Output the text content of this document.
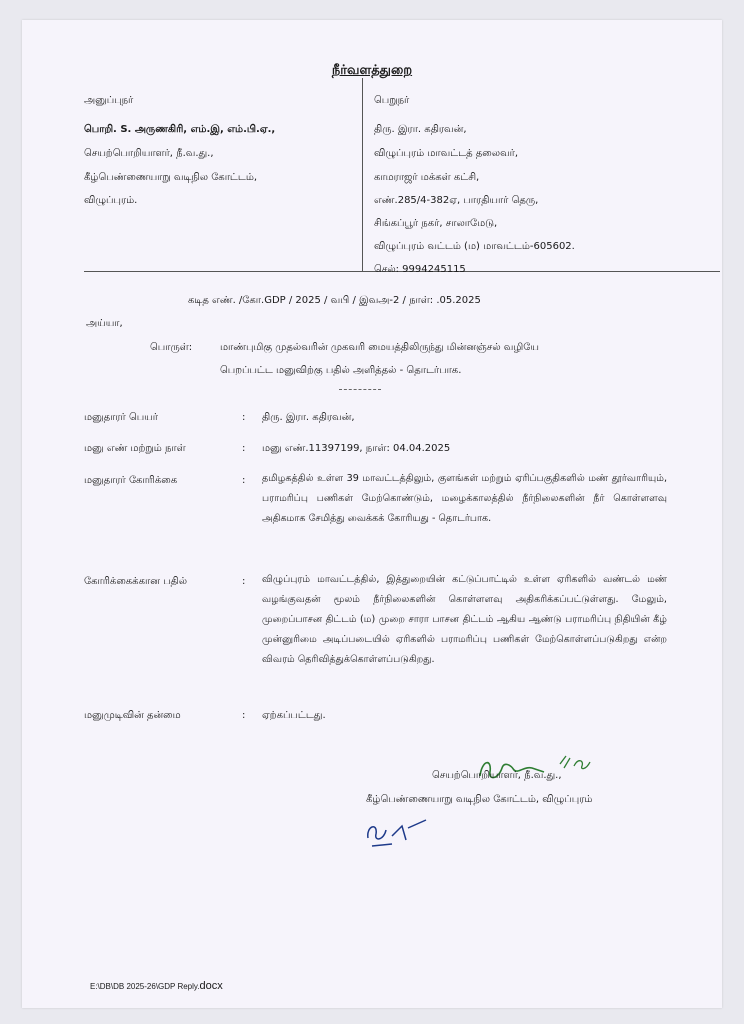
நீர்வளத்துறை
அனுப்புநர்
பொறி. S. அருணகிரி, எம்.இ, எம்.பி.ஏ.,
செயற்பொறியாளர், நீ.வ.து.,
கீழ்பெண்ணையாறு வடிநில கோட்டம்,
விழுப்புரம்.
பெறுநர்
திரு. இரா. கதிரவன்,
விழுப்புரம் மாவட்டத் தலைவர்,
காமராஜர் மக்கள் கட்சி,
எண்.285/4-382ஏ, பாரதியார் தெரு,
சிங்கப்பூர் நகர், சாலாமேடு,
விழுப்புரம் வட்டம் (ம) மாவட்டம்-605602.
செல்: 9994245115
கடித எண். /கோ.GDP / 2025 / வபி / இவஅ-2 / நாள்: .05.2025
அய்யா,
பொருள்:	மாண்புமிகு முதல்வரின் முகவரி மையத்திலிருந்து மின்னஞ்சல் வழியே
பெறப்பட்ட மனுவிற்கு பதில் அளித்தல் - தொடர்பாக.
மனுதாரர் பெயர்	: திரு. இரா. கதிரவன்,
மனு எண் மற்றும் நாள்	: மனு எண்.11397199, நாள்: 04.04.2025
மனுதாரர் கோரிக்கை	: தமிழகத்தில் உள்ள 39 மாவட்டத்திலும், குளங்கள் மற்றும் ஏரிப்பகுதிகளில் மண் தூர்வாரியும், பராமரிப்பு பணிகள் மேற்கொண்டும், மழைக்காலத்தில் நீர்நிலைகளின் நீர் கொள்ளளவு அதிகமாக சேமித்து வைக்கக் கோரியது - தொடர்பாக.
கோரிக்கைக்கான பதில்	: விழுப்புரம் மாவட்டத்தில், இத்துறையின் கட்டுப்பாட்டில் உள்ள ஏரிகளில் வண்டல் மண் வழங்குவதன் மூலம் நீர்நிலைகளின் கொள்ளளவு அதிகரிக்கப்பட்டுள்ளது. மேலும், முறைப்பாசன திட்டம் (ம) முறை சாரா பாசன திட்டம் ஆகிய ஆண்டு பராமரிப்பு நிதியின் கீழ் முன்னுரிமை அடிப்படையில் ஏரிகளில் பராமரிப்பு பணிகள் மேற்கொள்ளப்படுகிறது என்ற விவரம் தெரிவித்துக்கொள்ளப்படுகிறது.
மனுமுடிவின் தன்மை	: ஏற்கப்பட்டது.
செயற்பொறியாளர், நீ.வ.து.,
கீழ்பெண்ணையாறு வடிநில கோட்டம், விழுப்புரம்
E:\DB\DB 2025-26\GDP Reply.docx
